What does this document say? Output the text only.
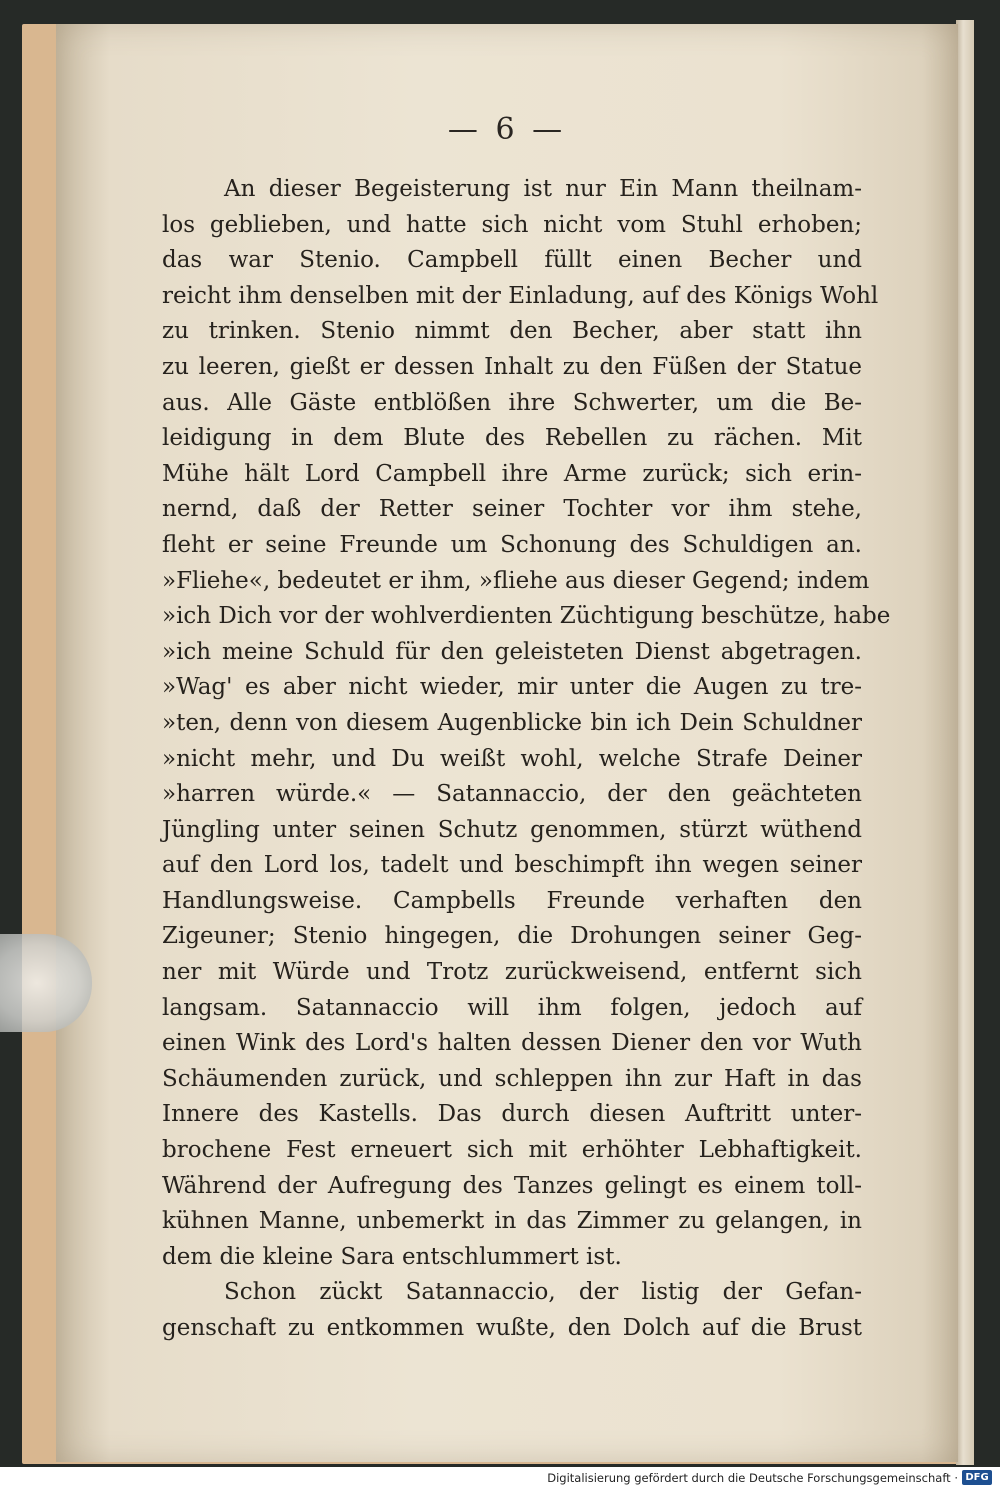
— 6 —
An dieser Begeisterung ist nur Ein Mann theilnam-
los geblieben, und hatte sich nicht vom Stuhl erhoben;
das war Stenio. Campbell füllt einen Becher und
reicht ihm denselben mit der Einladung, auf des Königs Wohl
zu trinken. Stenio nimmt den Becher, aber statt ihn
zu leeren, gießt er dessen Inhalt zu den Füßen der Statue
aus. Alle Gäste entblößen ihre Schwerter, um die Be-
leidigung in dem Blute des Rebellen zu rächen. Mit
Mühe hält Lord Campbell ihre Arme zurück; sich erin-
nernd, daß der Retter seiner Tochter vor ihm stehe,
fleht er seine Freunde um Schonung des Schuldigen an.
»Fliehe«, bedeutet er ihm, »fliehe aus dieser Gegend; indem
»ich Dich vor der wohlverdienten Züchtigung beschütze, habe
»ich meine Schuld für den geleisteten Dienst abgetragen.
»Wag' es aber nicht wieder, mir unter die Augen zu tre-
»ten, denn von diesem Augenblicke bin ich Dein Schuldner
»nicht mehr, und Du weißt wohl, welche Strafe Deiner
»harren würde.« — Satannaccio, der den geächteten
Jüngling unter seinen Schutz genommen, stürzt wüthend
auf den Lord los, tadelt und beschimpft ihn wegen seiner
Handlungsweise. Campbells Freunde verhaften den
Zigeuner; Stenio hingegen, die Drohungen seiner Geg-
ner mit Würde und Trotz zurückweisend, entfernt sich
langsam. Satannaccio will ihm folgen, jedoch auf
einen Wink des Lord's halten dessen Diener den vor Wuth
Schäumenden zurück, und schleppen ihn zur Haft in das
Innere des Kastells. Das durch diesen Auftritt unter-
brochene Fest erneuert sich mit erhöhter Lebhaftigkeit.
Während der Aufregung des Tanzes gelingt es einem toll-
kühnen Manne, unbemerkt in das Zimmer zu gelangen, in
dem die kleine Sara entschlummert ist.
Schon zückt Satannaccio, der listig der Gefan-
genschaft zu entkommen wußte, den Dolch auf die Brust
Digitalisierung gefördert durch die Deutsche Forschungsgemeinschaft · DFG
